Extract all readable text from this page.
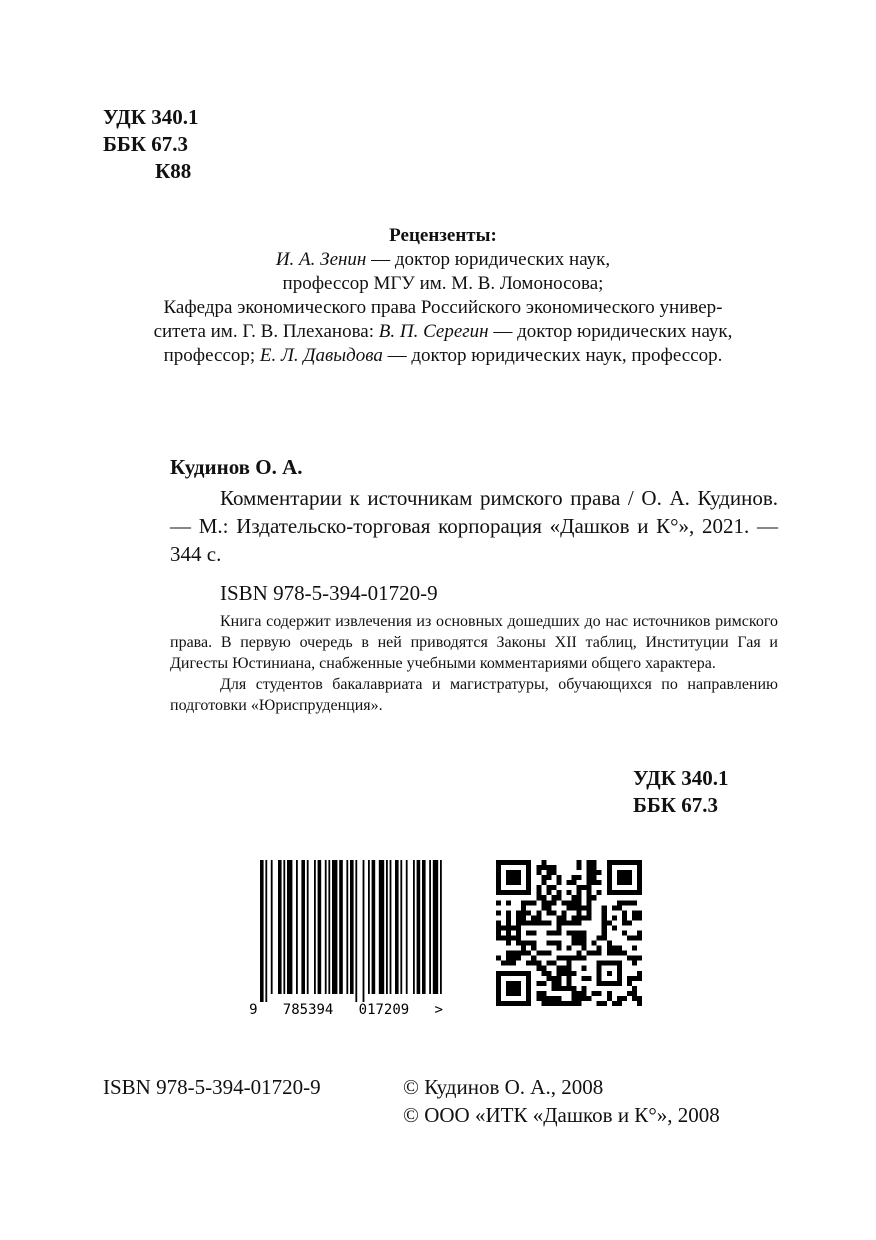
УДК 340.1
ББК 67.3
К88
Рецензенты:
И. А. Зенин — доктор юридических наук,
профессор МГУ им. М. В. Ломоносова;
Кафедра экономического права Российского экономического универ-
ситета им. Г. В. Плеханова: В. П. Серегин — доктор юридических наук,
профессор; Е. Л. Давыдова — доктор юридических наук, профессор.
Кудинов О. А.

Комментарии к источникам римского права / О. А. Кудинов. — М.: Издательско-торговая корпорация «Дашков и К°», 2021. — 344 с.

ISBN 978-5-394-01720-9

Книга содержит извлечения из основных дошедших до нас источников римского права. В первую очередь в ней приводятся Законы XII таблиц, Институции Гая и Дигесты Юстиниана, снабженные учебными комментариями общего характера.

Для студентов бакалавриата и магистратуры, обучающихся по направлению подготовки «Юриспруденция».

УДК 340.1
ББК 67.3
9   785394   017209   >
ISBN 978-5-394-01720-9	© Кудинов О. А., 2008
© ООО «ИТК «Дашков и К°», 2008
